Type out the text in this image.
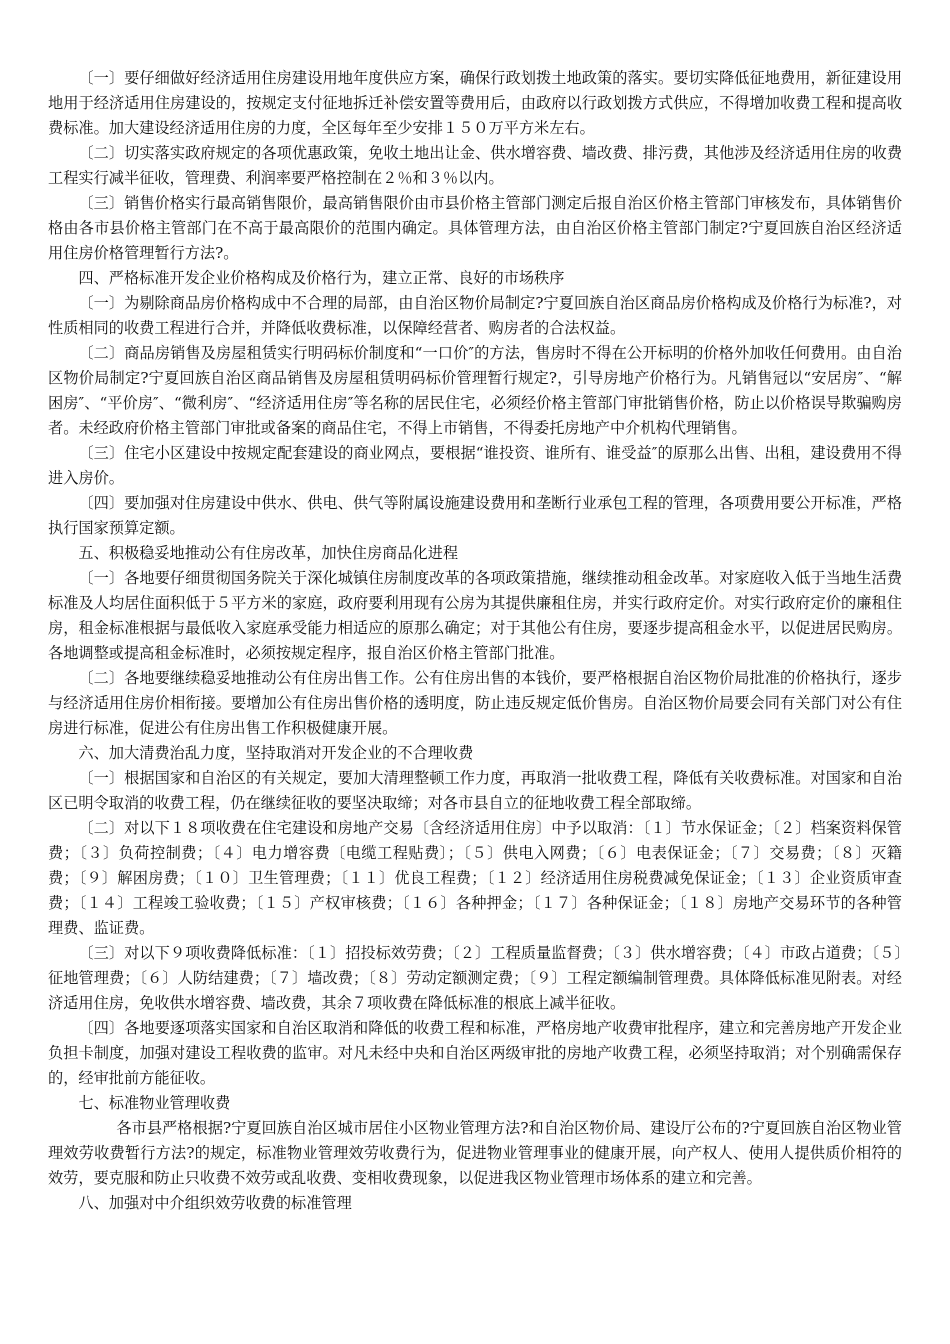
〔一〕要仔细做好经济适用住房建设用地年度供应方案，确保行政划拨土地政策的落实。要切实降低征地费用，新征建设用地用于经济适用住房建设的，按规定支付征地拆迁补偿安置等费用后，由政府以行政划拨方式供应，不得增加收费工程和提高收费标准。加大建设经济适用住房的力度，全区每年至少安排１５０万平方米左右。

〔二〕切实落实政府规定的各项优惠政策，免收土地出让金、供水增容费、墙改费、排污费，其他涉及经济适用住房的收费工程实行减半征收，管理费、利润率要严格控制在２％和３％以内。

〔三〕销售价格实行最高销售限价，最高销售限价由市县价格主管部门测定后报自治区价格主管部门审核发布，具体销售价格由各市县价格主管部门在不高于最高限价的范围内确定。具体管理方法，由自治区价格主管部门制定?宁夏回族自治区经济适用住房价格管理暂行方法?。

四、严格标准开发企业价格构成及价格行为，建立正常、良好的市场秩序

〔一〕为剔除商品房价格构成中不合理的局部，由自治区物价局制定?宁夏回族自治区商品房价格构成及价格行为标准?，对性质相同的收费工程进行合并，并降低收费标准，以保障经营者、购房者的合法权益。

〔二〕商品房销售及房屋租赁实行明码标价制度和“一口价″的方法，售房时不得在公开标明的价格外加收任何费用。由自治区物价局制定?宁夏回族自治区商品销售及房屋租赁明码标价管理暂行规定?，引导房地产价格行为。凡销售冠以“安居房″、“解困房″、“平价房″、“微利房″、“经济适用住房″等名称的居民住宅，必须经价格主管部门审批销售价格，防止以价格误导欺骗购房者。未经政府价格主管部门审批或备案的商品住宅，不得上市销售，不得委托房地产中介机构代理销售。

〔三〕住宅小区建设中按规定配套建设的商业网点，要根据“谁投资、谁所有、谁受益″的原那么出售、出租，建设费用不得进入房价。

〔四〕要加强对住房建设中供水、供电、供气等附属设施建设费用和垄断行业承包工程的管理，各项费用要公开标准，严格执行国家预算定额。

五、积极稳妥地推动公有住房改革，加快住房商品化进程

〔一〕各地要仔细贯彻国务院关于深化城镇住房制度改革的各项政策措施，继续推动租金改革。对家庭收入低于当地生活费标准及人均居住面积低于５平方米的家庭，政府要利用现有公房为其提供廉租住房，并实行政府定价。对实行政府定价的廉租住房，租金标准根据与最低收入家庭承受能力相适应的原那么确定；对于其他公有住房，要逐步提高租金水平，以促进居民购房。各地调整或提高租金标准时，必须按规定程序，报自治区价格主管部门批准。

〔二〕各地要继续稳妥地推动公有住房出售工作。公有住房出售的本钱价，要严格根据自治区物价局批准的价格执行，逐步与经济适用住房价相衔接。要增加公有住房出售价格的透明度，防止违反规定低价售房。自治区物价局要会同有关部门对公有住房进行标准，促进公有住房出售工作积极健康开展。

六、加大清费治乱力度，坚持取消对开发企业的不合理收费

〔一〕根据国家和自治区的有关规定，要加大清理整顿工作力度，再取消一批收费工程，降低有关收费标准。对国家和自治区已明令取消的收费工程，仍在继续征收的要坚决取缔；对各市县自立的征地收费工程全部取缔。

〔二〕对以下１８项收费在住宅建设和房地产交易〔含经济适用住房〕中予以取消：〔１〕节水保证金；〔２〕档案资料保管费；〔３〕负荷控制费；〔４〕电力增容费〔电缆工程贴费〕；〔５〕供电入网费；〔６〕电表保证金；〔７〕交易费；〔８〕灭籍费；〔９〕解困房费；〔１０〕卫生管理费；〔１１〕优良工程费；〔１２〕经济适用住房税费减免保证金；〔１３〕企业资质审查费；〔１４〕工程竣工验收费；〔１５〕产权审核费；〔１６〕各种押金；〔１７〕各种保证金；〔１８〕房地产交易环节的各种管理费、监证费。

〔三〕对以下９项收费降低标准：〔１〕招投标效劳费；〔２〕工程质量监督费；〔３〕供水增容费；〔４〕市政占道费；〔５〕征地管理费；〔６〕人防结建费；〔７〕墙改费；〔８〕劳动定额测定费；〔９〕工程定额编制管理费。具体降低标准见附表。对经济适用住房，免收供水增容费、墙改费，其余７项收费在降低标准的根底上减半征收。

〔四〕各地要逐项落实国家和自治区取消和降低的收费工程和标准，严格房地产收费审批程序，建立和完善房地产开发企业负担卡制度，加强对建设工程收费的监审。对凡未经中央和自治区两级审批的房地产收费工程，必须坚持取消；对个别确需保存的，经审批前方能征收。

七、标准物业管理收费

各市县严格根据?宁夏回族自治区城市居住小区物业管理方法?和自治区物价局、建设厅公布的?宁夏回族自治区物业管理效劳收费暂行方法?的规定，标准物业管理效劳收费行为，促进物业管理事业的健康开展，向产权人、使用人提供质价相符的效劳，要克服和防止只收费不效劳或乱收费、变相收费现象，以促进我区物业管理市场体系的建立和完善。

八、加强对中介组织效劳收费的标准管理
